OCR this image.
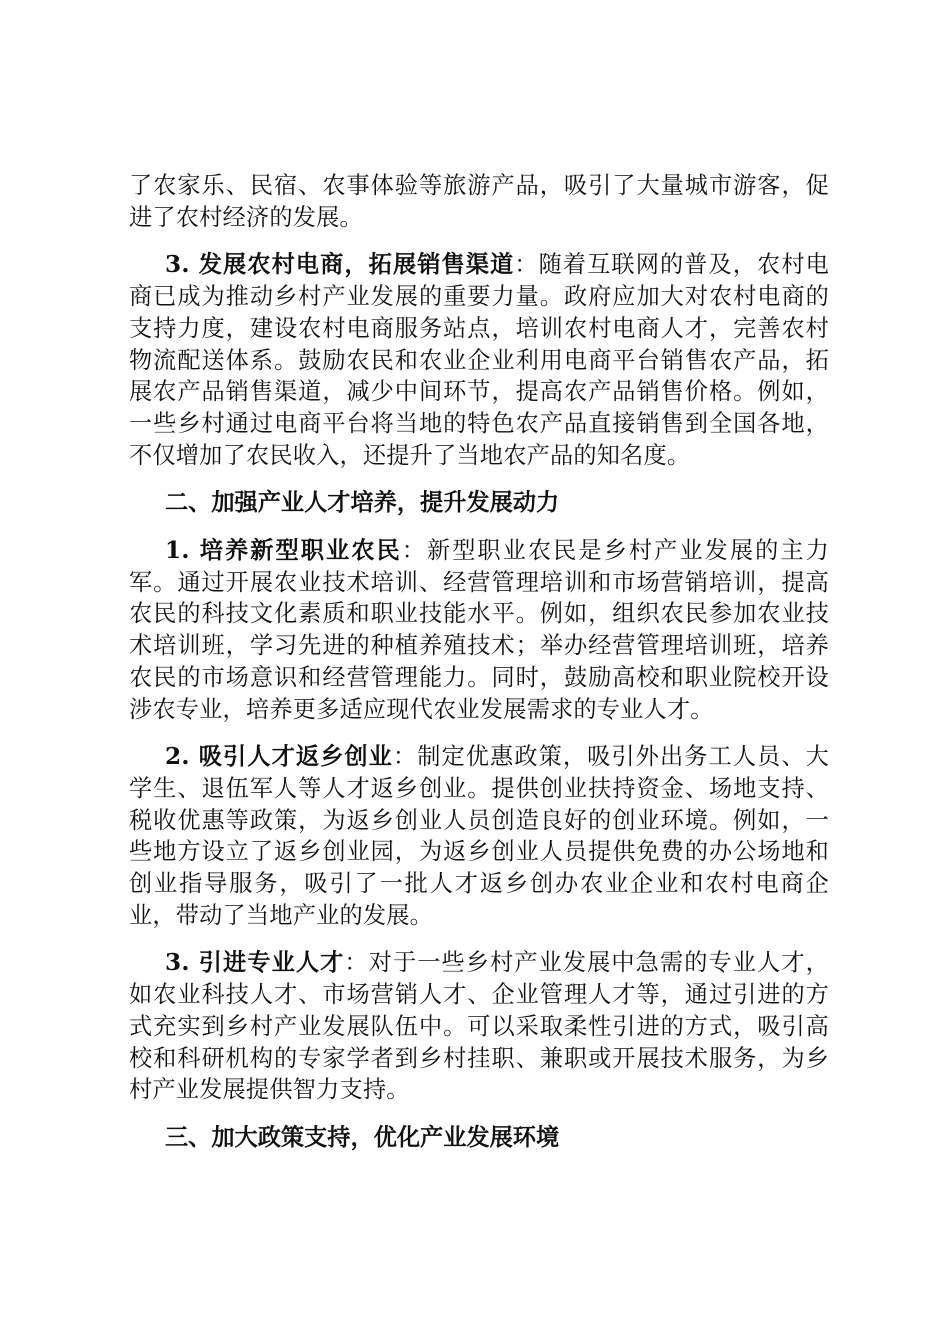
了农家乐、民宿、农事体验等旅游产品，吸引了大量城市游客，促进了农村经济的发展。

3. 发展农村电商，拓展销售渠道：随着互联网的普及，农村电商已成为推动乡村产业发展的重要力量。政府应加大对农村电商的支持力度，建设农村电商服务站点，培训农村电商人才，完善农村物流配送体系。鼓励农民和农业企业利用电商平台销售农产品，拓展农产品销售渠道，减少中间环节，提高农产品销售价格。例如，一些乡村通过电商平台将当地的特色农产品直接销售到全国各地，不仅增加了农民收入，还提升了当地农产品的知名度。

二、加强产业人才培养，提升发展动力

1. 培养新型职业农民：新型职业农民是乡村产业发展的主力军。通过开展农业技术培训、经营管理培训和市场营销培训，提高农民的科技文化素质和职业技能水平。例如，组织农民参加农业技术培训班，学习先进的种植养殖技术；举办经营管理培训班，培养农民的市场意识和经营管理能力。同时，鼓励高校和职业院校开设涉农专业，培养更多适应现代农业发展需求的专业人才。

2. 吸引人才返乡创业：制定优惠政策，吸引外出务工人员、大学生、退伍军人等人才返乡创业。提供创业扶持资金、场地支持、税收优惠等政策，为返乡创业人员创造良好的创业环境。例如，一些地方设立了返乡创业园，为返乡创业人员提供免费的办公场地和创业指导服务，吸引了一批人才返乡创办农业企业和农村电商企业，带动了当地产业的发展。

3. 引进专业人才：对于一些乡村产业发展中急需的专业人才，如农业科技人才、市场营销人才、企业管理人才等，通过引进的方式充实到乡村产业发展队伍中。可以采取柔性引进的方式，吸引高校和科研机构的专家学者到乡村挂职、兼职或开展技术服务，为乡村产业发展提供智力支持。

三、加大政策支持，优化产业发展环境
